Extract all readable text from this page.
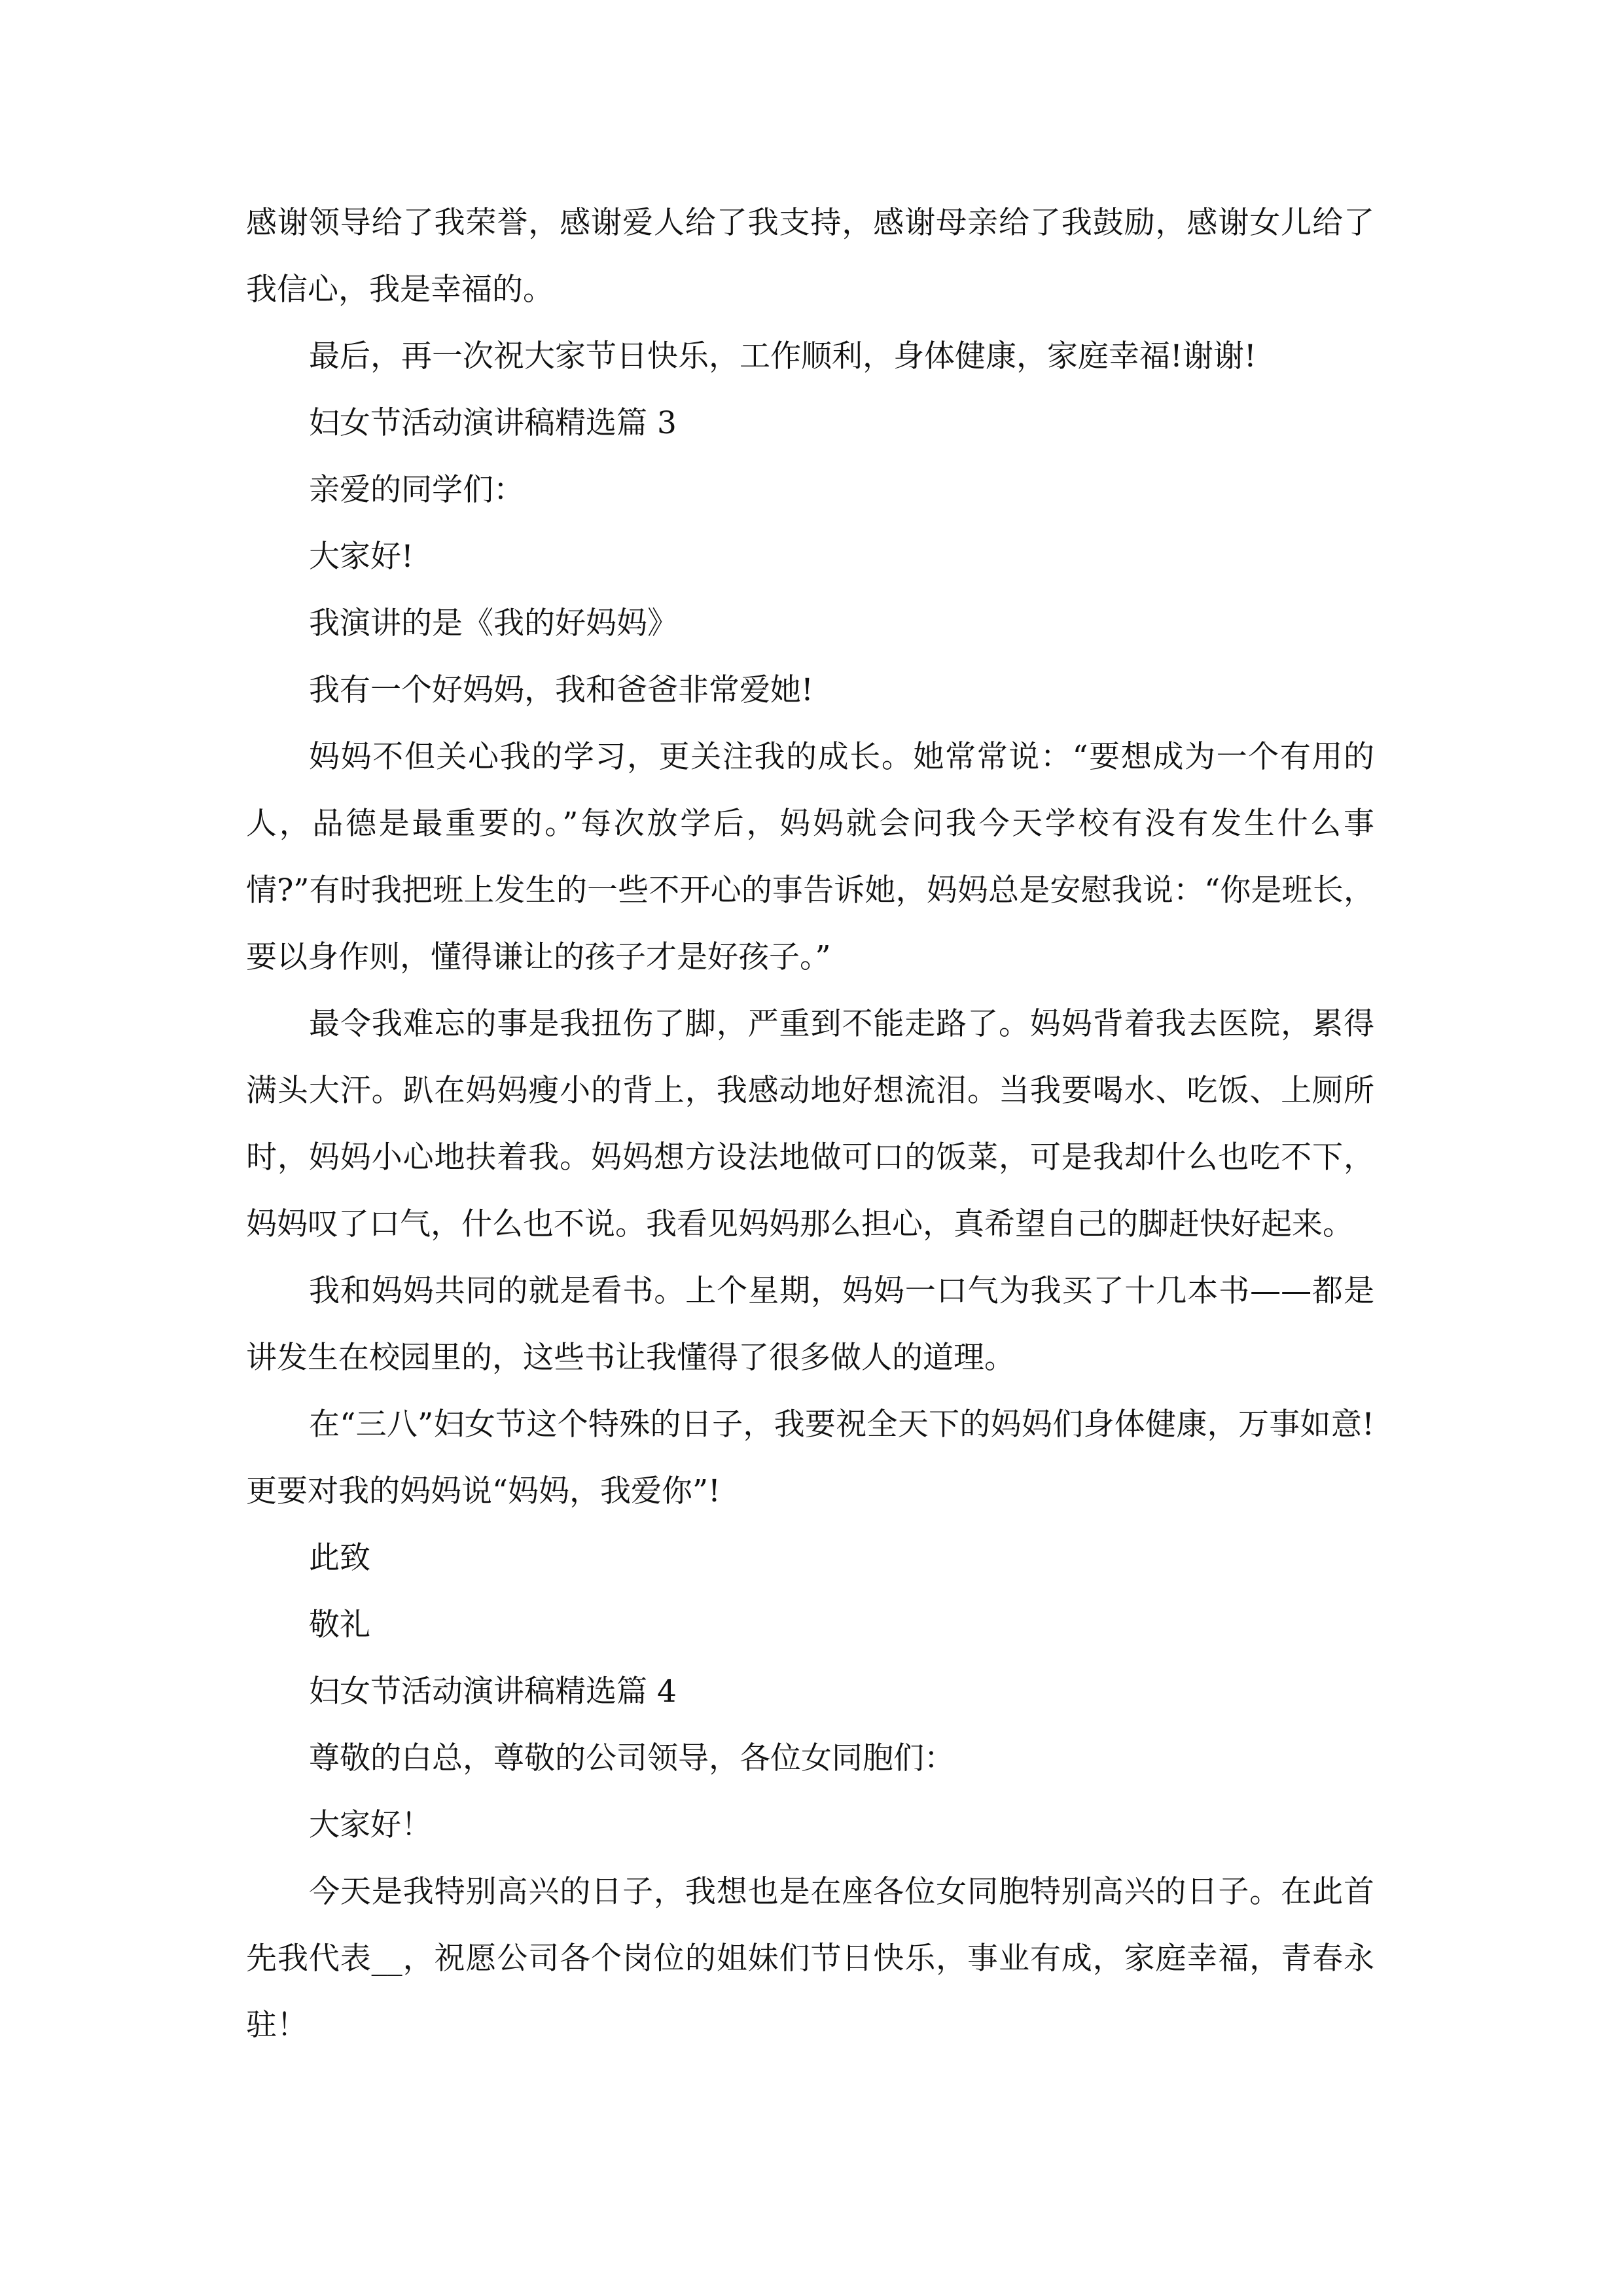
感谢领导给了我荣誉，感谢爱人给了我支持，感谢母亲给了我鼓励，感谢女儿给了我信心，我是幸福的。

最后，再一次祝大家节日快乐，工作顺利，身体健康，家庭幸福!谢谢!

妇女节活动演讲稿精选篇 3

亲爱的同学们：

大家好!

我演讲的是《我的好妈妈》

我有一个好妈妈，我和爸爸非常爱她!

妈妈不但关心我的学习，更关注我的成长。她常常说：“要想成为一个有用的人，品德是最重要的。”每次放学后，妈妈就会问我今天学校有没有发生什么事情?”有时我把班上发生的一些不开心的事告诉她，妈妈总是安慰我说：“你是班长，要以身作则，懂得谦让的孩子才是好孩子。”

最令我难忘的事是我扭伤了脚，严重到不能走路了。妈妈背着我去医院，累得满头大汗。趴在妈妈瘦小的背上，我感动地好想流泪。当我要喝水、吃饭、上厕所时，妈妈小心地扶着我。妈妈想方设法地做可口的饭菜，可是我却什么也吃不下，妈妈叹了口气，什么也不说。我看见妈妈那么担心，真希望自己的脚赶快好起来。

我和妈妈共同的就是看书。上个星期，妈妈一口气为我买了十几本书——都是讲发生在校园里的，这些书让我懂得了很多做人的道理。

在“三八”妇女节这个特殊的日子，我要祝全天下的妈妈们身体健康，万事如意!更要对我的妈妈说“妈妈，我爱你”!

此致

敬礼

妇女节活动演讲稿精选篇 4

尊敬的白总，尊敬的公司领导，各位女同胞们：

大家好！

今天是我特别高兴的日子，我想也是在座各位女同胞特别高兴的日子。在此首先我代表__，祝愿公司各个岗位的姐妹们节日快乐，事业有成，家庭幸福，青春永驻！
